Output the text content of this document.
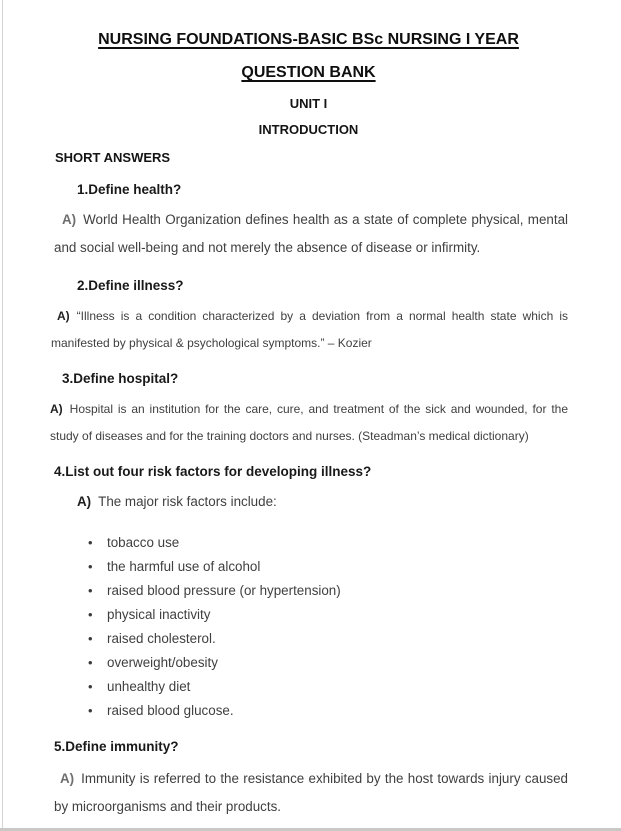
NURSING FOUNDATIONS-BASIC BSc NURSING I YEAR

QUESTION BANK

UNIT I

INTRODUCTION

SHORT ANSWERS

1.Define health?

A) World Health Organization defines health as a state of complete physical, mental and social well-being and not merely the absence of disease or infirmity.

2.Define illness?

A) “Illness is a condition characterized by a deviation from a normal health state which is manifested by physical & psychological symptoms.” – Kozier

3.Define hospital?

A) Hospital is an institution for the care, cure, and treatment of the sick and wounded, for the study of diseases and for the training doctors and nurses. (Steadman’s medical dictionary)

4.List out four risk factors for developing illness?

A) The major risk factors include:

• tobacco use
• the harmful use of alcohol
• raised blood pressure (or hypertension)
• physical inactivity
• raised cholesterol.
• overweight/obesity
• unhealthy diet
• raised blood glucose.

5.Define immunity?

A) Immunity is referred to the resistance exhibited by the host towards injury caused by microorganisms and their products.
